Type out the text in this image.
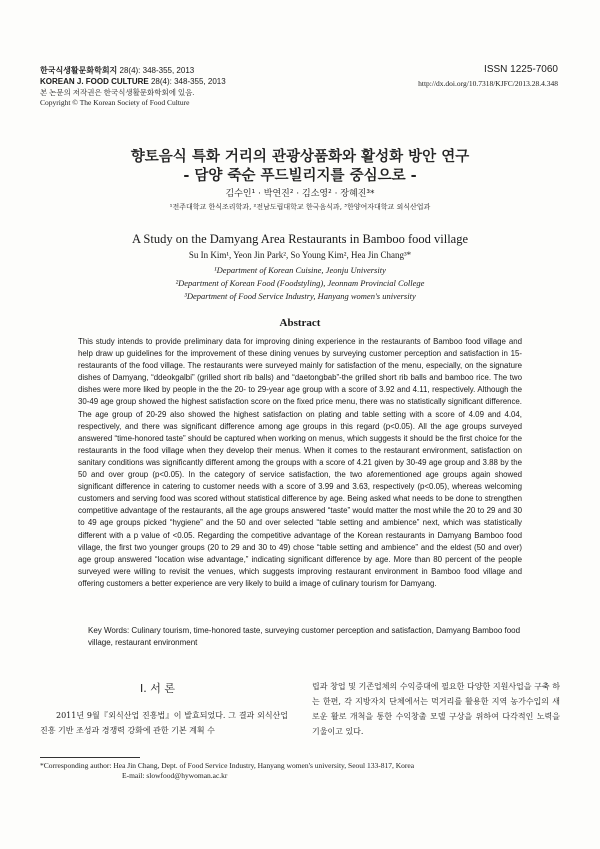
한국식생활문화학회지 28(4): 348-355, 2013
KOREAN J. FOOD CULTURE 28(4): 348-355, 2013
본 논문의 저작권은 한국식생활문화학회에 있음.
Copyright © The Korean Society of Food Culture
ISSN 1225-7060
http://dx.doi.org/10.7318/KJFC/2013.28.4.348
향토음식 특화 거리의 관광상품화와 활성화 방안 연구
- 담양 죽순 푸드빌리지를 중심으로 -
김수인¹ · 박연진² · 김소영² · 장혜진³*
¹전주대학교 한식조리학과, ²전남도립대학교 한국음식과, ³한양여자대학교 외식산업과
A Study on the Damyang Area Restaurants in Bamboo food village
Su In Kim¹, Yeon Jin Park², So Young Kim², Hea Jin Chang³*
¹Department of Korean Cuisine, Jeonju University
²Department of Korean Food (Foodstyling), Jeonnam Provincial College
³Department of Food Service Industry, Hanyang women's university
Abstract

This study intends to provide preliminary data for improving dining experience in the restaurants of Bamboo food village and help draw up guidelines for the improvement of these dining venues by surveying customer perception and satisfaction in 15-restaurants of the food village. The restaurants were surveyed mainly for satisfaction of the menu, especially, on the signature dishes of Damyang, “ddeokgalbi” (grilled short rib balls) and “daetongbab”-the grilled short rib balls and bamboo rice. The two dishes were more liked by people in the the 20- to 29-year age group with a score of 3.92 and 4.11, respectively. Although the 30-49 age group showed the highest satisfaction score on the fixed price menu, there was no statistically significant difference. The age group of 20-29 also showed the highest satisfaction on plating and table setting with a score of 4.09 and 4.04, respectively, and there was significant difference among age groups in this regard (p<0.05). All the age groups surveyed answered “time-honored taste” should be captured when working on menus, which suggests it should be the first choice for the restaurants in the food village when they develop their menus. When it comes to the restaurant environment, satisfaction on sanitary conditions was significantly different among the groups with a score of 4.21 given by 30-49 age group and 3.88 by the 50 and over group (p<0.05). In the category of service satisfaction, the two aforementioned age groups again showed significant difference in catering to customer needs with a score of 3.99 and 3.63, respectively (p<0.05), whereas welcoming customers and serving food was scored without statistical difference by age. Being asked what needs to be done to strengthen competitive advantage of the restaurants, all the age groups answered “taste” would matter the most while the 20 to 29 and 30 to 49 age groups picked “hygiene” and the 50 and over selected “table setting and ambience” next, which was statistically different with a p value of <0.05. Regarding the competitive advantage of the Korean restaurants in Damyang Bamboo food village, the first two younger groups (20 to 29 and 30 to 49) chose “table setting and ambience” and the eldest (50 and over) age group answered “location wise advantage,” indicating significant difference by age. More than 80 percent of the people surveyed were willing to revisit the venues, which suggests improving restaurant environment in Bamboo food village and offering customers a better experience are very likely to build a image of culinary tourism for Damyang.

Key Words: Culinary tourism, time-honored taste, surveying customer perception and satisfaction, Damyang Bamboo food village, restaurant environment
Ⅰ. 서 론
2011년 9월『외식산업 진흥법』이 발효되었다. 그 결과 외식산업 진흥 기반 조성과 경쟁력 강화에 관한 기본 계획 수
립과 창업 및 기존업체의 수익증대에 필요한 다양한 지원사업을 구축 하는 한편, 각 지방자치 단체에서는 먹거리를 활용한 지역 농가수입의 새로운 활로 개척을 통한 수익창출 모델 구상을 위하여 다각적인 노력을 기울이고 있다.
*Corresponding author: Hea Jin Chang, Dept. of Food Service Industry, Hanyang women's university, Seoul 133-817, Korea
E-mail: slowfood@hywoman.ac.kr
